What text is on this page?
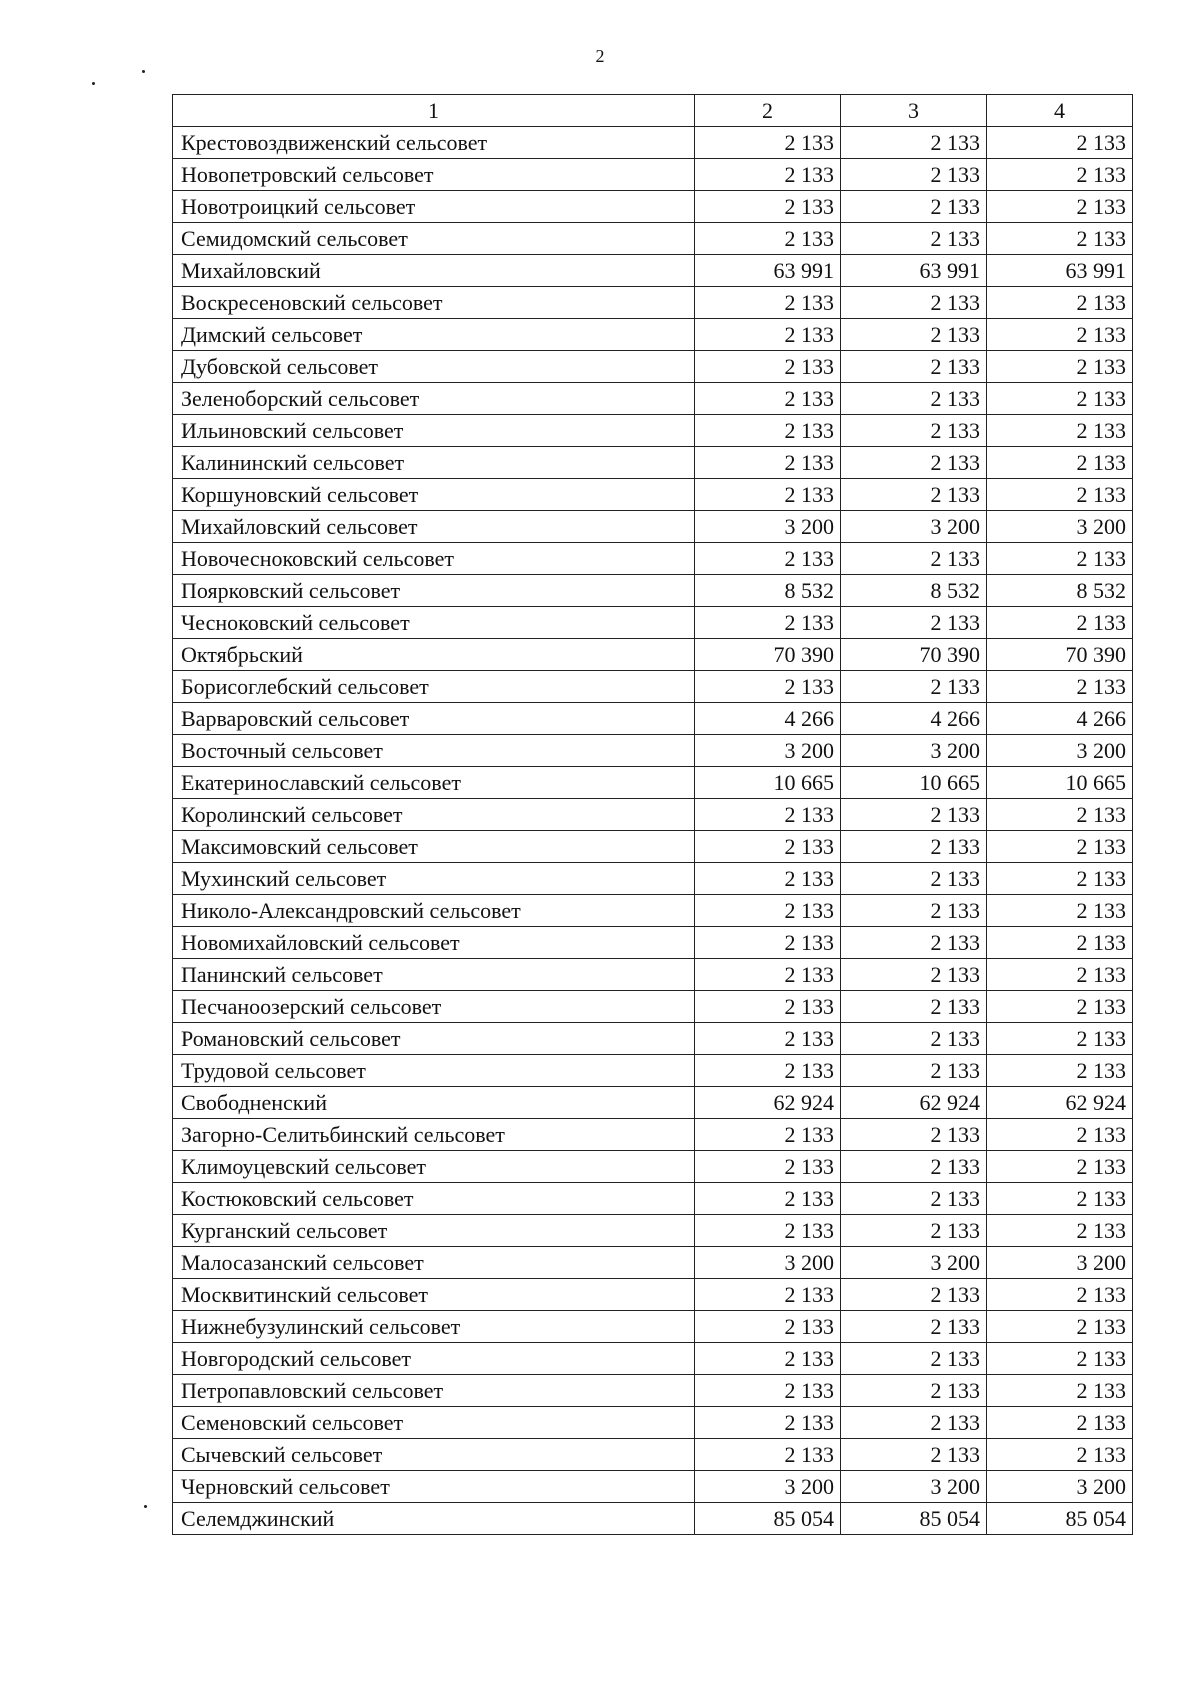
2
1	2	3	4
Крестовоздвиженский сельсовет	2 133	2 133	2 133
Новопетровский сельсовет	2 133	2 133	2 133
Новотроицкий сельсовет	2 133	2 133	2 133
Семидомский сельсовет	2 133	2 133	2 133
Михайловский	63 991	63 991	63 991
Воскресеновский сельсовет	2 133	2 133	2 133
Димский сельсовет	2 133	2 133	2 133
Дубовской сельсовет	2 133	2 133	2 133
Зеленоборский сельсовет	2 133	2 133	2 133
Ильиновский сельсовет	2 133	2 133	2 133
Калининский сельсовет	2 133	2 133	2 133
Коршуновский сельсовет	2 133	2 133	2 133
Михайловский сельсовет	3 200	3 200	3 200
Новочесноковский сельсовет	2 133	2 133	2 133
Поярковский сельсовет	8 532	8 532	8 532
Чесноковский сельсовет	2 133	2 133	2 133
Октябрьский	70 390	70 390	70 390
Борисоглебский сельсовет	2 133	2 133	2 133
Варваровский сельсовет	4 266	4 266	4 266
Восточный сельсовет	3 200	3 200	3 200
Екатеринославский сельсовет	10 665	10 665	10 665
Королинский сельсовет	2 133	2 133	2 133
Максимовский сельсовет	2 133	2 133	2 133
Мухинский сельсовет	2 133	2 133	2 133
Николо-Александровский сельсовет	2 133	2 133	2 133
Новомихайловский сельсовет	2 133	2 133	2 133
Панинский сельсовет	2 133	2 133	2 133
Песчаноозерский сельсовет	2 133	2 133	2 133
Романовский сельсовет	2 133	2 133	2 133
Трудовой сельсовет	2 133	2 133	2 133
Свободненский	62 924	62 924	62 924
Загорно-Селитьбинский сельсовет	2 133	2 133	2 133
Климоуцевский сельсовет	2 133	2 133	2 133
Костюковский сельсовет	2 133	2 133	2 133
Курганский сельсовет	2 133	2 133	2 133
Малосазанский сельсовет	3 200	3 200	3 200
Москвитинский сельсовет	2 133	2 133	2 133
Нижнебузулинский сельсовет	2 133	2 133	2 133
Новгородский сельсовет	2 133	2 133	2 133
Петропавловский сельсовет	2 133	2 133	2 133
Семеновский сельсовет	2 133	2 133	2 133
Сычевский сельсовет	2 133	2 133	2 133
Черновский сельсовет	3 200	3 200	3 200
Селемджинский	85 054	85 054	85 054
